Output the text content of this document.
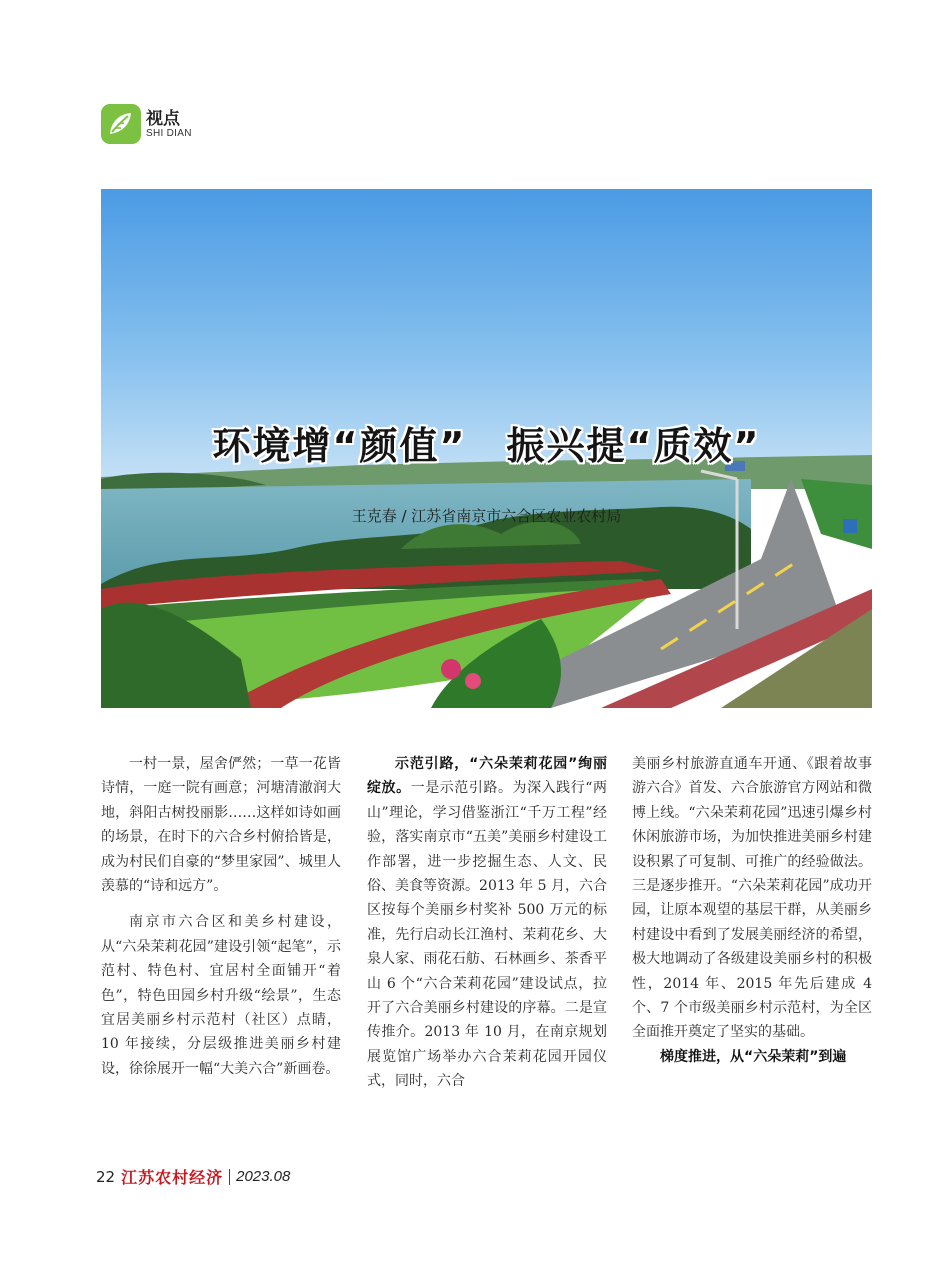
视点
SHI DIAN
环境增“颜值”　振兴提“质效”
王克春 / 江苏省南京市六合区农业农村局

一村一景，屋舍俨然；一草一花皆诗情，一庭一院有画意；河塘清澈润大地，斜阳古树投丽影……这样如诗如画的场景，在时下的六合乡村俯拾皆是，成为村民们自豪的“梦里家园”、城里人羡慕的“诗和远方”。

南京市六合区和美乡村建设，从“六朵茉莉花园”建设引领“起笔”，示范村、特色村、宜居村全面铺开“着色”，特色田园乡村升级“绘景”，生态宜居美丽乡村示范村（社区）点睛，10 年接续，分层级推进美丽乡村建设，徐徐展开一幅“大美六合”新画卷。

示范引路，“六朵茉莉花园”绚丽绽放。一是示范引路。为深入践行“两山”理论，学习借鉴浙江“千万工程”经验，落实南京市“五美”美丽乡村建设工作部署，进一步挖掘生态、人文、民俗、美食等资源。2013 年 5 月，六合区按每个美丽乡村奖补 500 万元的标准，先行启动长江渔村、茉莉花乡、大泉人家、雨花石舫、石林画乡、茶香平山 6 个“六合茉莉花园”建设试点，拉开了六合美丽乡村建设的序幕。二是宣传推介。2013 年 10 月，在南京规划展览馆广场举办六合茉莉花园开园仪式，同时，六合

美丽乡村旅游直通车开通、《跟着故事游六合》首发、六合旅游官方网站和微博上线。“六朵茉莉花园”迅速引爆乡村休闲旅游市场，为加快推进美丽乡村建设积累了可复制、可推广的经验做法。三是逐步推开。“六朵茉莉花园”成功开园，让原本观望的基层干群，从美丽乡村建设中看到了发展美丽经济的希望，极大地调动了各级建设美丽乡村的积极性，2014 年、2015 年先后建成 4 个、7 个市级美丽乡村示范村，为全区全面推开奠定了坚实的基础。

梯度推进，从“六朵茉莉”到遍
22 江苏农村经济 2023.08
